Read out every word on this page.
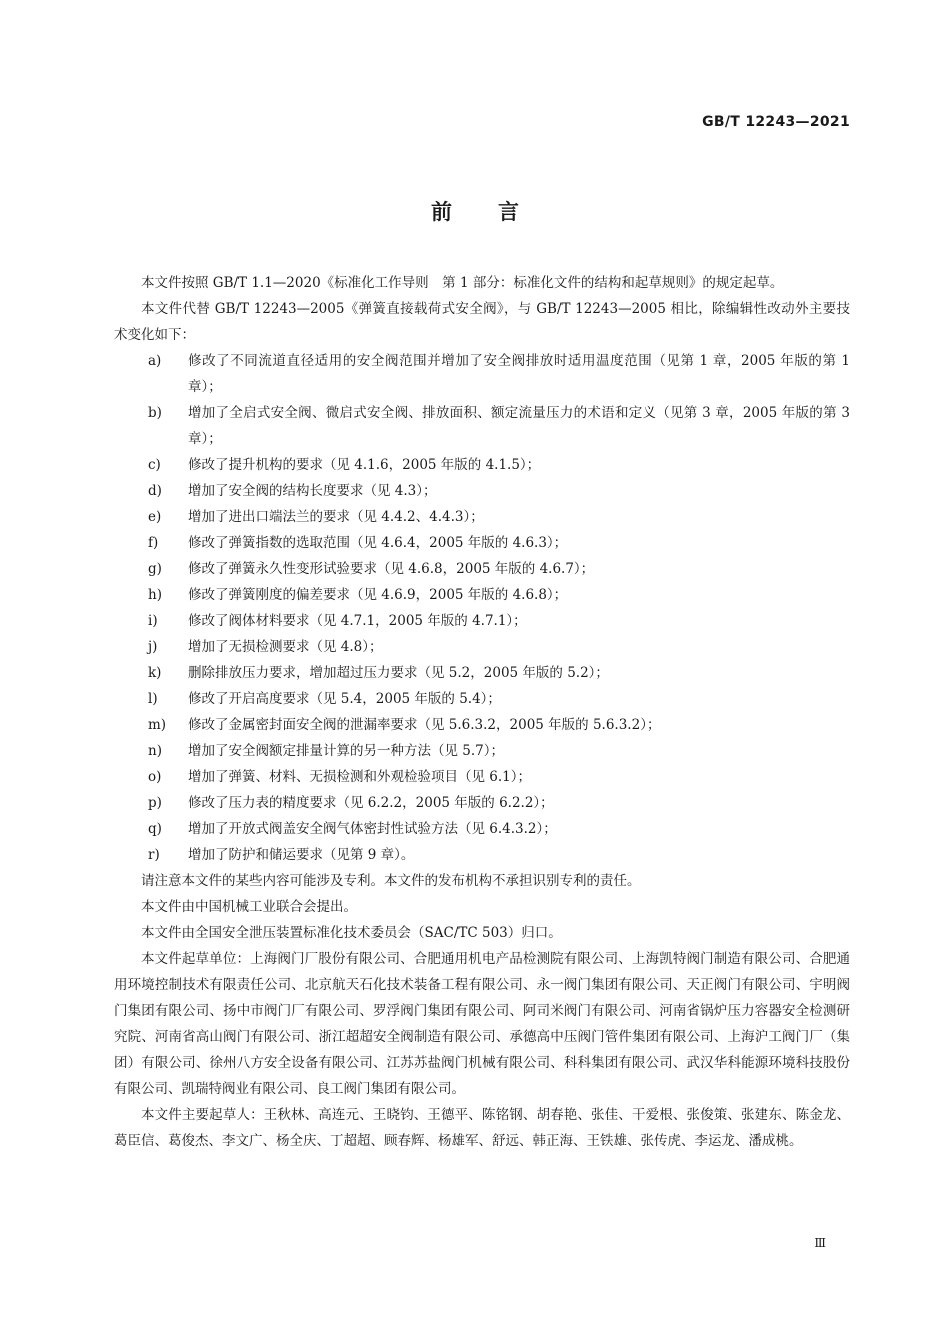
GB/T 12243—2021
前言

本文件按照 GB/T 1.1—2020《标准化工作导则　第 1 部分：标准化文件的结构和起草规则》的规定起草。

本文件代替 GB/T 12243—2005《弹簧直接载荷式安全阀》，与 GB/T 12243—2005 相比，除编辑性改动外主要技术变化如下：

a)	修改了不同流道直径适用的安全阀范围并增加了安全阀排放时适用温度范围（见第 1 章，2005 年版的第 1 章）；
b)	增加了全启式安全阀、微启式安全阀、排放面积、额定流量压力的术语和定义（见第 3 章，2005 年版的第 3 章）；
c)	修改了提升机构的要求（见 4.1.6，2005 年版的 4.1.5）；
d)	增加了安全阀的结构长度要求（见 4.3）；
e)	增加了进出口端法兰的要求（见 4.4.2、4.4.3）；
f)	修改了弹簧指数的选取范围（见 4.6.4，2005 年版的 4.6.3）；
g)	修改了弹簧永久性变形试验要求（见 4.6.8，2005 年版的 4.6.7）；
h)	修改了弹簧刚度的偏差要求（见 4.6.9，2005 年版的 4.6.8）；
i)	修改了阀体材料要求（见 4.7.1，2005 年版的 4.7.1）；
j)	增加了无损检测要求（见 4.8）；
k)	删除排放压力要求，增加超过压力要求（见 5.2，2005 年版的 5.2）；
l)	修改了开启高度要求（见 5.4，2005 年版的 5.4）；
m)	修改了金属密封面安全阀的泄漏率要求（见 5.6.3.2，2005 年版的 5.6.3.2）；
n)	增加了安全阀额定排量计算的另一种方法（见 5.7）；
o)	增加了弹簧、材料、无损检测和外观检验项目（见 6.1）；
p)	修改了压力表的精度要求（见 6.2.2，2005 年版的 6.2.2）；
q)	增加了开放式阀盖安全阀气体密封性试验方法（见 6.4.3.2）；
r)	增加了防护和储运要求（见第 9 章）。

请注意本文件的某些内容可能涉及专利。本文件的发布机构不承担识别专利的责任。

本文件由中国机械工业联合会提出。

本文件由全国安全泄压装置标准化技术委员会（SAC/TC 503）归口。

本文件起草单位：上海阀门厂股份有限公司、合肥通用机电产品检测院有限公司、上海凯特阀门制造有限公司、合肥通用环境控制技术有限责任公司、北京航天石化技术装备工程有限公司、永一阀门集团有限公司、天正阀门有限公司、宇明阀门集团有限公司、扬中市阀门厂有限公司、罗浮阀门集团有限公司、阿司米阀门有限公司、河南省锅炉压力容器安全检测研究院、河南省高山阀门有限公司、浙江超超安全阀制造有限公司、承德高中压阀门管件集团有限公司、上海沪工阀门厂（集团）有限公司、徐州八方安全设备有限公司、江苏苏盐阀门机械有限公司、科科集团有限公司、武汉华科能源环境科技股份有限公司、凯瑞特阀业有限公司、良工阀门集团有限公司。

本文件主要起草人：王秋林、高连元、王晓钧、王德平、陈铭钢、胡春艳、张佳、干爱根、张俊策、张建东、陈金龙、葛臣信、葛俊杰、李文广、杨全庆、丁超超、顾春辉、杨雄军、舒远、韩正海、王铁雄、张传虎、李运龙、潘成桃。

Ⅲ
